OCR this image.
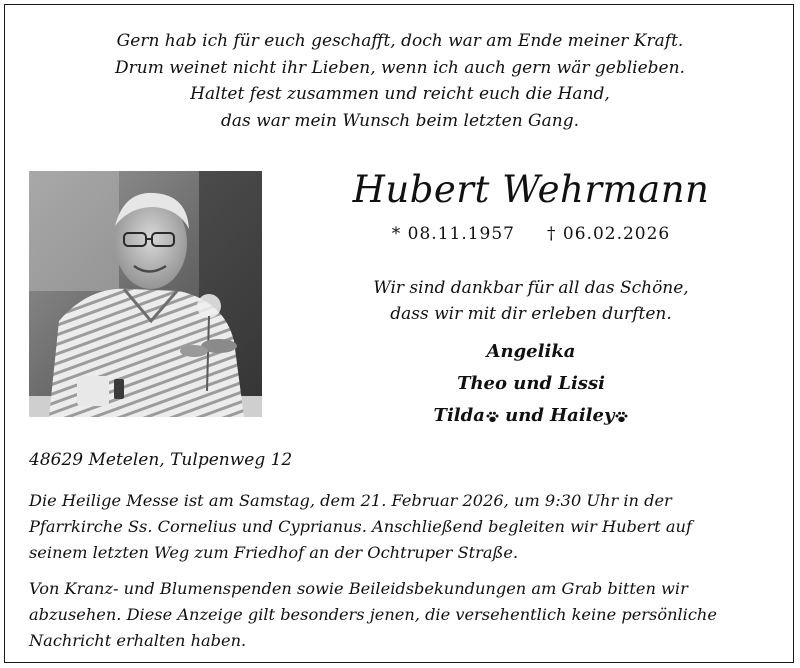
Gern hab ich für euch geschafft, doch war am Ende meiner Kraft.
Drum weinet nicht ihr Lieben, wenn ich auch gern wär geblieben.
Haltet fest zusammen und reicht euch die Hand,
das war mein Wunsch beim letzten Gang.
Hubert Wehrmann
* 08.11.1957 † 06.02.2026
Wir sind dankbar für all das Schöne,
dass wir mit dir erleben durften.
Angelika
Theo und Lissi
Tilda und Hailey
48629 Metelen, Tulpenweg 12
Die Heilige Messe ist am Samstag, dem 21. Februar 2026, um 9:30 Uhr in der
Pfarrkirche Ss. Cornelius und Cyprianus. Anschließend begleiten wir Hubert auf
seinem letzten Weg zum Friedhof an der Ochtruper Straße.
Von Kranz- und Blumenspenden sowie Beileidsbekundungen am Grab bitten wir
abzusehen. Diese Anzeige gilt besonders jenen, die versehentlich keine persönliche
Nachricht erhalten haben.
